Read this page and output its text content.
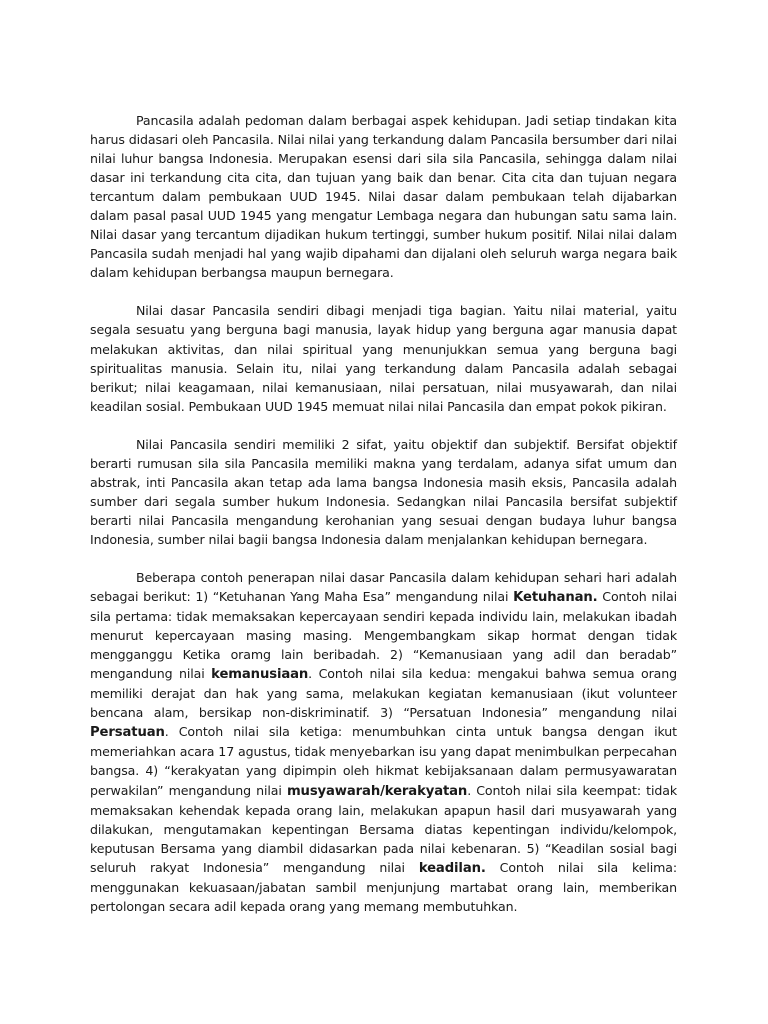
Pancasila adalah pedoman dalam berbagai aspek kehidupan. Jadi setiap tindakan kita harus didasari oleh Pancasila. Nilai nilai yang terkandung dalam Pancasila bersumber dari nilai nilai luhur bangsa Indonesia. Merupakan esensi dari sila sila Pancasila, sehingga dalam nilai dasar ini terkandung cita cita, dan tujuan yang baik dan benar. Cita cita dan tujuan negara tercantum dalam pembukaan UUD 1945. Nilai dasar dalam pembukaan telah dijabarkan dalam pasal pasal UUD 1945 yang mengatur Lembaga negara dan hubungan satu sama lain. Nilai dasar yang tercantum dijadikan hukum tertinggi, sumber hukum positif. Nilai nilai dalam Pancasila sudah menjadi hal yang wajib dipahami dan dijalani oleh seluruh warga negara baik dalam kehidupan berbangsa maupun bernegara.

Nilai dasar Pancasila sendiri dibagi menjadi tiga bagian. Yaitu nilai material, yaitu segala sesuatu yang berguna bagi manusia, layak hidup yang berguna agar manusia dapat melakukan aktivitas, dan nilai spiritual yang menunjukkan semua yang berguna bagi spiritualitas manusia. Selain itu, nilai yang terkandung dalam Pancasila adalah sebagai berikut; nilai keagamaan, nilai kemanusiaan, nilai persatuan, nilai musyawarah, dan nilai keadilan sosial. Pembukaan UUD 1945 memuat nilai nilai Pancasila dan empat pokok pikiran.

Nilai Pancasila sendiri memiliki 2 sifat, yaitu objektif dan subjektif. Bersifat objektif berarti rumusan sila sila Pancasila memiliki makna yang terdalam, adanya sifat umum dan abstrak, inti Pancasila akan tetap ada lama bangsa Indonesia masih eksis, Pancasila adalah sumber dari segala sumber hukum Indonesia. Sedangkan nilai Pancasila bersifat subjektif berarti nilai Pancasila mengandung kerohanian yang sesuai dengan budaya luhur bangsa Indonesia, sumber nilai bagii bangsa Indonesia dalam menjalankan kehidupan bernegara.

Beberapa contoh penerapan nilai dasar Pancasila dalam kehidupan sehari hari adalah sebagai berikut: 1) “Ketuhanan Yang Maha Esa” mengandung nilai Ketuhanan. Contoh nilai sila pertama: tidak memaksakan kepercayaan sendiri kepada individu lain, melakukan ibadah menurut kepercayaan masing masing. Mengembangkam sikap hormat dengan tidak mengganggu Ketika oramg lain beribadah. 2) “Kemanusiaan yang adil dan beradab” mengandung nilai kemanusiaan. Contoh nilai sila kedua: mengakui bahwa semua orang memiliki derajat dan hak yang sama, melakukan kegiatan kemanusiaan (ikut volunteer bencana alam, bersikap non-diskriminatif. 3) “Persatuan Indonesia” mengandung nilai Persatuan. Contoh nilai sila ketiga: menumbuhkan cinta untuk bangsa dengan ikut memeriahkan acara 17 agustus, tidak menyebarkan isu yang dapat menimbulkan perpecahan bangsa. 4) “kerakyatan yang dipimpin oleh hikmat kebijaksanaan dalam permusyawaratan perwakilan” mengandung nilai musyawarah/kerakyatan. Contoh nilai sila keempat: tidak memaksakan kehendak kepada orang lain, melakukan apapun hasil dari musyawarah yang dilakukan, mengutamakan kepentingan Bersama diatas kepentingan individu/kelompok, keputusan Bersama yang diambil didasarkan pada nilai kebenaran. 5) “Keadilan sosial bagi seluruh rakyat Indonesia” mengandung nilai keadilan. Contoh nilai sila kelima: menggunakan kekuasaan/jabatan sambil menjunjung martabat orang lain, memberikan pertolongan secara adil kepada orang yang memang membutuhkan.
